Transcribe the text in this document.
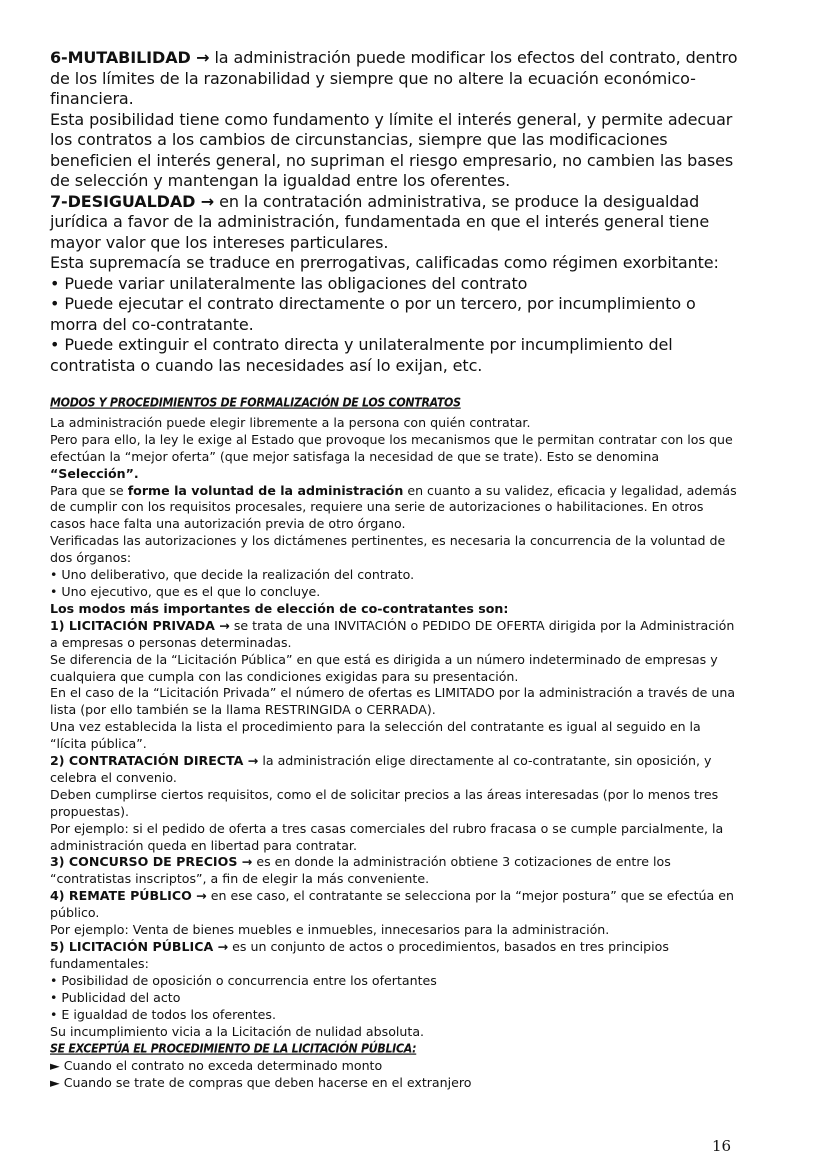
6-MUTABILIDAD → la administración puede modificar los efectos del contrato, dentro de los límites de la razonabilidad y siempre que no altere la ecuación económico-financiera.

Esta posibilidad tiene como fundamento y límite el interés general, y permite adecuar los contratos a los cambios de circunstancias, siempre que las modificaciones beneficien el interés general, no supriman el riesgo empresario, no cambien las bases de selección y mantengan la igualdad entre los oferentes.

7-DESIGUALDAD → en la contratación administrativa, se produce la desigualdad jurídica a favor de la administración, fundamentada en que el interés general tiene mayor valor que los intereses particulares.

Esta supremacía se traduce en prerrogativas, calificadas como régimen exorbitante:

• Puede variar unilateralmente las obligaciones del contrato

• Puede ejecutar el contrato directamente o por un tercero, por incumplimiento o morra del co-contratante.

• Puede extinguir el contrato directa y unilateralmente por incumplimiento del contratista o cuando las necesidades así lo exijan, etc.

MODOS Y PROCEDIMIENTOS DE FORMALIZACIÓN DE LOS CONTRATOS

La administración puede elegir libremente a la persona con quién contratar.

Pero para ello, la ley le exige al Estado que provoque los mecanismos que le permitan contratar con los que efectúan la “mejor oferta” (que mejor satisfaga la necesidad de que se trate). Esto se denomina “Selección”.

Para que se forme la voluntad de la administración en cuanto a su validez, eficacia y legalidad, además de cumplir con los requisitos procesales, requiere una serie de autorizaciones o habilitaciones. En otros casos hace falta una autorización previa de otro órgano.

Verificadas las autorizaciones y los dictámenes pertinentes, es necesaria la concurrencia de la voluntad de dos órganos:

• Uno deliberativo, que decide la realización del contrato.

• Uno ejecutivo, que es el que lo concluye.

Los modos más importantes de elección de co-contratantes son:

1) LICITACIÓN PRIVADA → se trata de una INVITACIÓN o PEDIDO DE OFERTA dirigida por la Administración a empresas o personas determinadas.

Se diferencia de la “Licitación Pública” en que está es dirigida a un número indeterminado de empresas y cualquiera que cumpla con las condiciones exigidas para su presentación.

En el caso de la “Licitación Privada” el número de ofertas es LIMITADO por la administración a través de una lista (por ello también se la llama RESTRINGIDA o CERRADA).

Una vez establecida la lista el procedimiento para la selección del contratante es igual al seguido en la “lícita pública”.

2) CONTRATACIÓN DIRECTA → la administración elige directamente al co-contratante, sin oposición, y celebra el convenio.

Deben cumplirse ciertos requisitos, como el de solicitar precios a las áreas interesadas (por lo menos tres propuestas).

Por ejemplo: si el pedido de oferta a tres casas comerciales del rubro fracasa o se cumple parcialmente, la administración queda en libertad para contratar.

3) CONCURSO DE PRECIOS → es en donde la administración obtiene 3 cotizaciones de entre los “contratistas inscriptos”, a fin de elegir la más conveniente.

4) REMATE PÚBLICO → en ese caso, el contratante se selecciona por la “mejor postura” que se efectúa en público.

Por ejemplo: Venta de bienes muebles e inmuebles, innecesarios para la administración.

5) LICITACIÓN PÚBLICA → es un conjunto de actos o procedimientos, basados en tres principios fundamentales:

• Posibilidad de oposición o concurrencia entre los ofertantes

• Publicidad del acto

• E igualdad de todos los oferentes.

Su incumplimiento vicia a la Licitación de nulidad absoluta.

SE EXCEPTÚA EL PROCEDIMIENTO DE LA LICITACIÓN PÚBLICA:

► Cuando el contrato no exceda determinado monto

► Cuando se trate de compras que deben hacerse en el extranjero

16
